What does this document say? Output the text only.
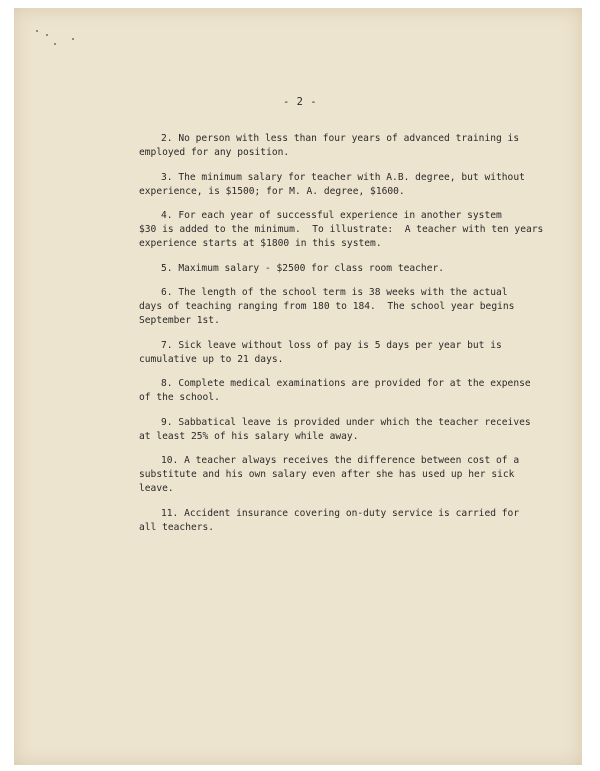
- 2 -

2. No person with less than four years of advanced training is
employed for any position.

3. The minimum salary for teacher with A.B. degree, but without
experience, is $1500; for M. A. degree, $1600.

4. For each year of successful experience in another system
$30 is added to the minimum.  To illustrate:  A teacher with ten years
experience starts at $1800 in this system.

5. Maximum salary - $2500 for class room teacher.

6. The length of the school term is 38 weeks with the actual
days of teaching ranging from 180 to 184.  The school year begins
September 1st.

7. Sick leave without loss of pay is 5 days per year but is
cumulative up to 21 days.

8. Complete medical examinations are provided for at the expense
of the school.

9. Sabbatical leave is provided under which the teacher receives
at least 25% of his salary while away.

10. A teacher always receives the difference between cost of a
substitute and his own salary even after she has used up her sick
leave.

11. Accident insurance covering on-duty service is carried for
all teachers.
